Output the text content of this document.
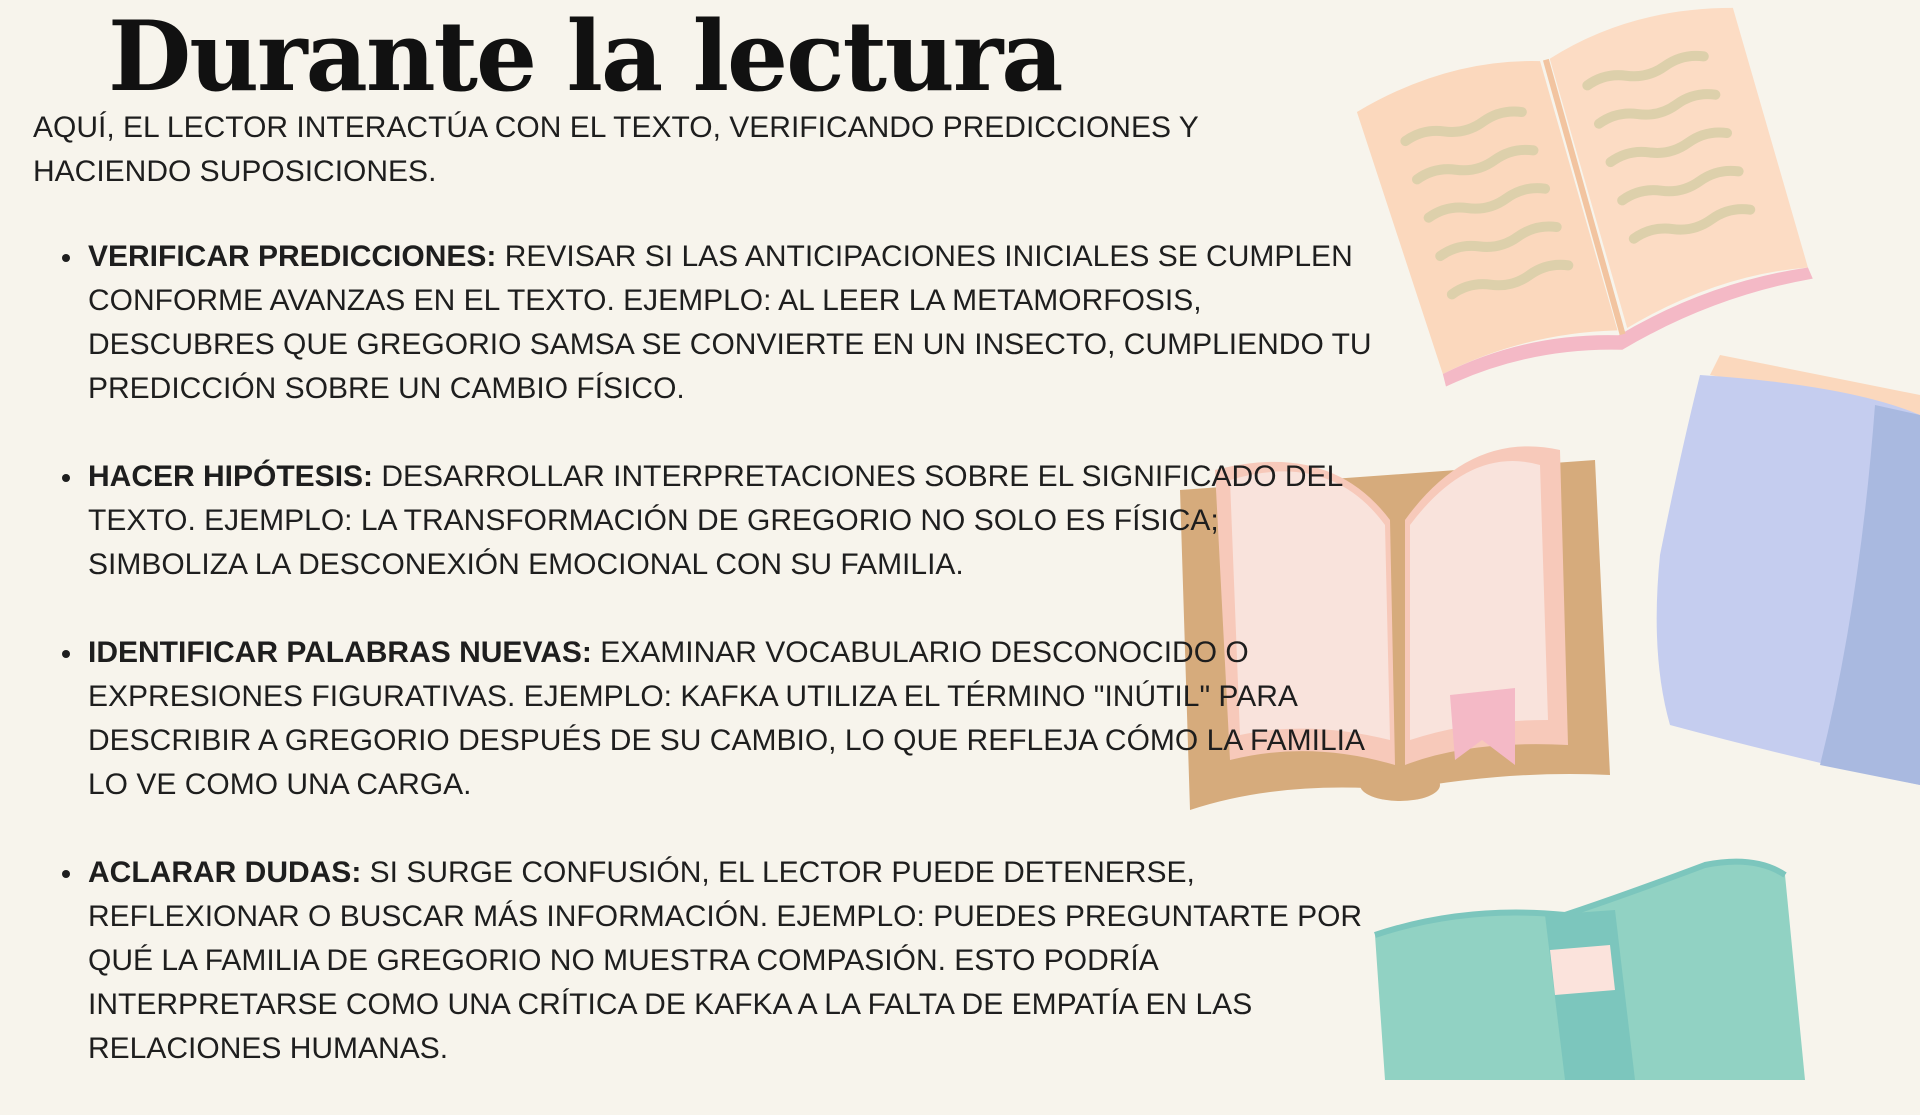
Durante la lectura

AQUÍ, EL LECTOR INTERACTÚA CON EL TEXTO, VERIFICANDO PREDICCIONES Y HACIENDO SUPOSICIONES.

VERIFICAR PREDICCIONES: REVISAR SI LAS ANTICIPACIONES INICIALES SE CUMPLEN CONFORME AVANZAS EN EL TEXTO. EJEMPLO: AL LEER LA METAMORFOSIS, DESCUBRES QUE GREGORIO SAMSA SE CONVIERTE EN UN INSECTO, CUMPLIENDO TU PREDICCIÓN SOBRE UN CAMBIO FÍSICO.
HACER HIPÓTESIS: DESARROLLAR INTERPRETACIONES SOBRE EL SIGNIFICADO DEL TEXTO. EJEMPLO: LA TRANSFORMACIÓN DE GREGORIO NO SOLO ES FÍSICA; SIMBOLIZA LA DESCONEXIÓN EMOCIONAL CON SU FAMILIA.
IDENTIFICAR PALABRAS NUEVAS: EXAMINAR VOCABULARIO DESCONOCIDO O EXPRESIONES FIGURATIVAS. EJEMPLO: KAFKA UTILIZA EL TÉRMINO "INÚTIL" PARA DESCRIBIR A GREGORIO DESPUÉS DE SU CAMBIO, LO QUE REFLEJA CÓMO LA FAMILIA LO VE COMO UNA CARGA.
ACLARAR DUDAS: SI SURGE CONFUSIÓN, EL LECTOR PUEDE DETENERSE, REFLEXIONAR O BUSCAR MÁS INFORMACIÓN. EJEMPLO: PUEDES PREGUNTARTE POR QUÉ LA FAMILIA DE GREGORIO NO MUESTRA COMPASIÓN. ESTO PODRÍA INTERPRETARSE COMO UNA CRÍTICA DE KAFKA A LA FALTA DE EMPATÍA EN LAS RELACIONES HUMANAS.
